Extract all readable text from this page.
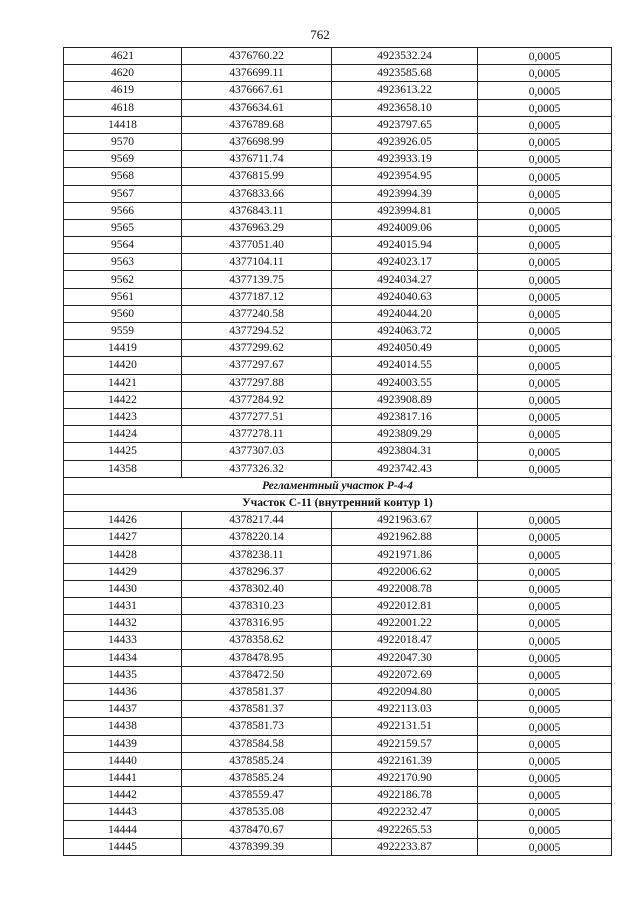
762
4621	4376760.22	4923532.24	0,0005
4620	4376699.11	4923585.68	0,0005
4619	4376667.61	4923613.22	0,0005
4618	4376634.61	4923658.10	0,0005
14418	4376789.68	4923797.65	0,0005
9570	4376698.99	4923926.05	0,0005
9569	4376711.74	4923933.19	0,0005
9568	4376815.99	4923954.95	0,0005
9567	4376833.66	4923994.39	0,0005
9566	4376843.11	4923994.81	0,0005
9565	4376963.29	4924009.06	0,0005
9564	4377051.40	4924015.94	0,0005
9563	4377104.11	4924023.17	0,0005
9562	4377139.75	4924034.27	0,0005
9561	4377187.12	4924040.63	0,0005
9560	4377240.58	4924044.20	0,0005
9559	4377294.52	4924063.72	0,0005
14419	4377299.62	4924050.49	0,0005
14420	4377297.67	4924014.55	0,0005
14421	4377297.88	4924003.55	0,0005
14422	4377284.92	4923908.89	0,0005
14423	4377277.51	4923817.16	0,0005
14424	4377278.11	4923809.29	0,0005
14425	4377307.03	4923804.31	0,0005
14358	4377326.32	4923742.43	0,0005
Регламентный участок Р-4-4			
Участок С-11 (внутренний контур 1)			
14426	4378217.44	4921963.67	0,0005
14427	4378220.14	4921962.88	0,0005
14428	4378238.11	4921971.86	0,0005
14429	4378296.37	4922006.62	0,0005
14430	4378302.40	4922008.78	0,0005
14431	4378310.23	4922012.81	0,0005
14432	4378316.95	4922001.22	0,0005
14433	4378358.62	4922018.47	0,0005
14434	4378478.95	4922047.30	0,0005
14435	4378472.50	4922072.69	0,0005
14436	4378581.37	4922094.80	0,0005
14437	4378581.37	4922113.03	0,0005
14438	4378581.73	4922131.51	0,0005
14439	4378584.58	4922159.57	0,0005
14440	4378585.24	4922161.39	0,0005
14441	4378585.24	4922170.90	0,0005
14442	4378559.47	4922186.78	0,0005
14443	4378535.08	4922232.47	0,0005
14444	4378470.67	4922265.53	0,0005
14445	4378399.39	4922233.87	0,0005
